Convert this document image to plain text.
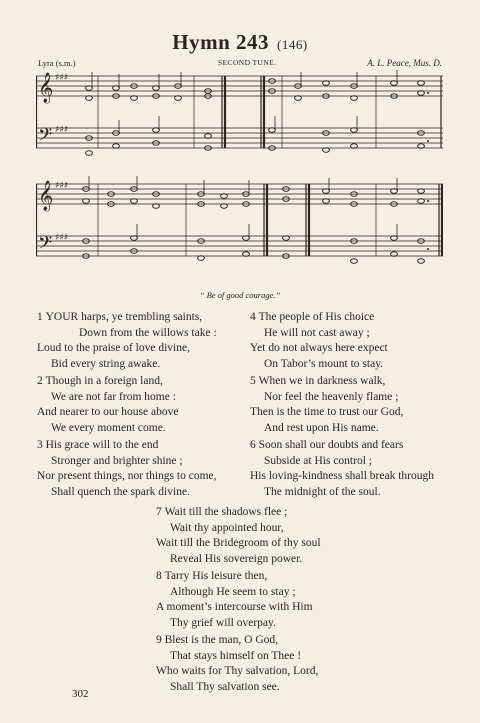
Hymn 243 (146)
Lyra (s.m.)	SECOND TUNE.	A. L. Peace, Mus. D.
𝄞
𝄢
♯♯♯
♯♯♯
𝄞
𝄢
♯♯♯
♯♯♯
“ Be of good courage.”
1 YOUR harps, ye trembling saints,
Down from the willows take :
Loud to the praise of love divine,
Bid every string awake.
2 Though in a foreign land,
We are not far from home :
And nearer to our house above
We every moment come.
3 His grace will to the end
Stronger and brighter shine ;
Nor present things, nor things to come,
Shall quench the spark divine.
4 The people of His choice
He will not cast away ;
Yet do not always here expect
On Tabor’s mount to stay.
5 When we in darkness walk,
Nor feel the heavenly flame ;
Then is the time to trust our God,
And rest upon His name.
6 Soon shall our doubts and fears
Subside at His control ;
His loving-kindness shall break through
The midnight of the soul.
7 Wait till the shadows flee ;
Wait thy appointed hour,
Wait till the Bridegroom of thy soul
Reveal His sovereign power.
8 Tarry His leisure then,
Although He seem to stay ;
A moment’s intercourse with Him
Thy grief will overpay.
9 Blest is the man, O God,
That stays himself on Thee !
Who waits for Thy salvation, Lord,
Shall Thy salvation see.
302
